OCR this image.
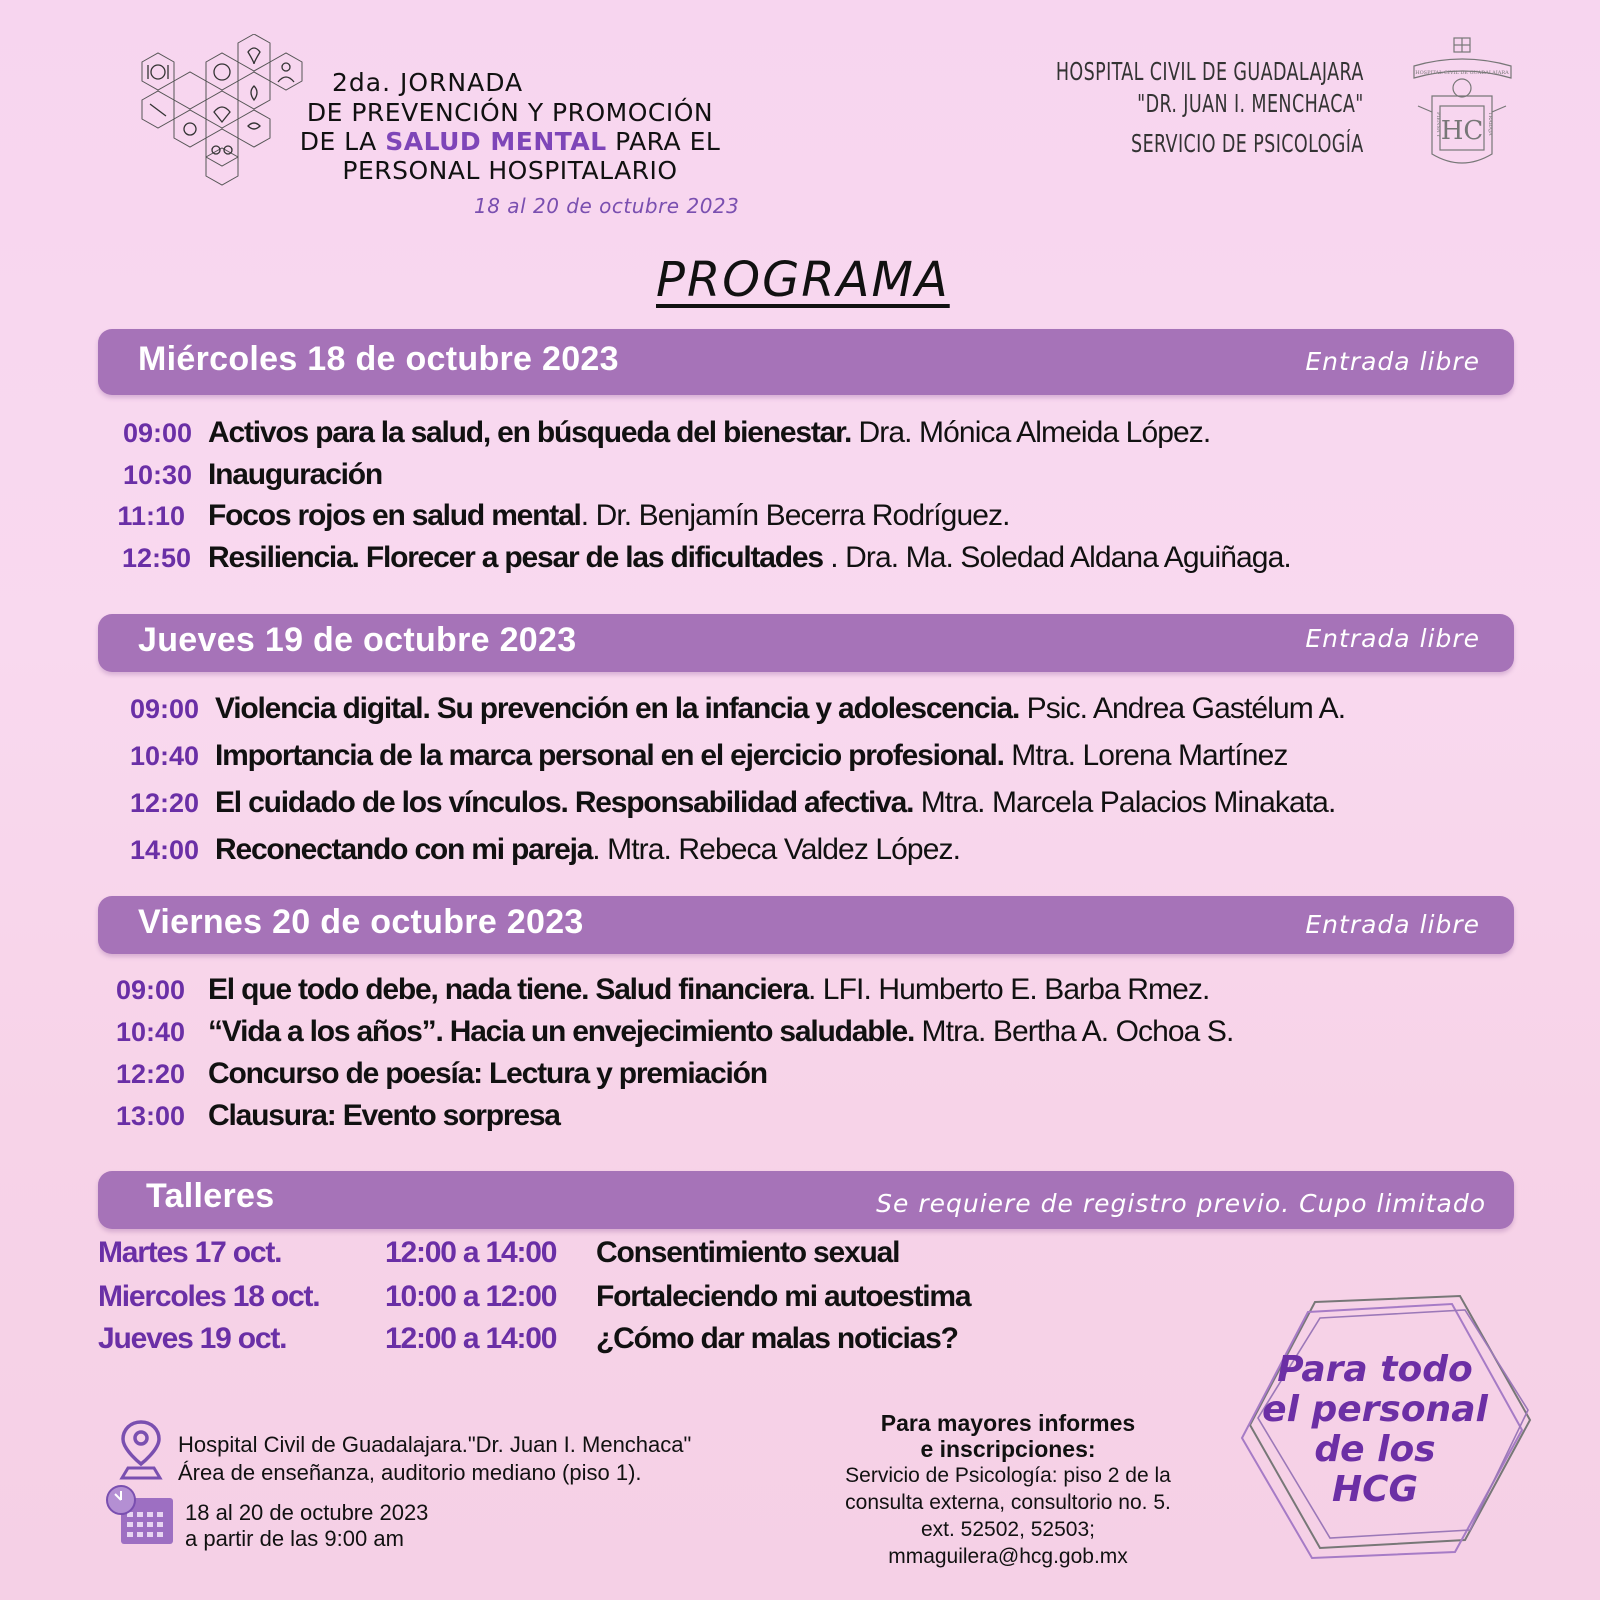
2da. JORNADA
DE PREVENCIÓN Y PROMOCIÓN
DE LA SALUD MENTAL PARA EL
PERSONAL HOSPITALARIO
18 al 20 de octubre 2023
HOSPITAL CIVIL DE GUADALAJARA
"DR. JUAN I. MENCHACA"
SERVICIO DE PSICOLOGÍA
HOSPITAL CIVIL DE GUADALAJARA
HC
PIENSA Y	TRABAJA
PROGRAMA
Miércoles 18 de octubre 2023	Entrada libre
09:00 Activos para la salud, en búsqueda del bienestar. Dra. Mónica Almeida López.
10:30 Inauguración
11:10 Focos rojos en salud mental. Dr. Benjamín Becerra Rodríguez.
12:50 Resiliencia. Florecer a pesar de las dificultades . Dra. Ma. Soledad Aldana Aguiñaga.
Jueves 19 de octubre 2023	Entrada libre
09:00 Violencia digital. Su prevención en la infancia y adolescencia. Psic. Andrea Gastélum A.
10:40 Importancia de la marca personal en el ejercicio profesional. Mtra. Lorena Martínez
12:20 El cuidado de los vínculos. Responsabilidad afectiva. Mtra. Marcela Palacios Minakata.
14:00 Reconectando con mi pareja. Mtra. Rebeca Valdez López.
Viernes 20 de octubre 2023	Entrada libre
09:00 El que todo debe, nada tiene. Salud financiera. LFI. Humberto E. Barba Rmez.
10:40 “Vida a los años”. Hacia un envejecimiento saludable. Mtra. Bertha A. Ochoa S.
12:20 Concurso de poesía: Lectura y premiación
13:00 Clausura: Evento sorpresa
Talleres	Se requiere de registro previo. Cupo limitado
Martes 17 oct.	12:00 a 14:00 Consentimiento sexual
Miercoles 18 oct. 10:00 a 12:00 Fortaleciendo mi autoestima
Jueves 19 oct.	12:00 a 14:00 ¿Cómo dar malas noticias?
Hospital Civil de Guadalajara."Dr. Juan I. Menchaca"
Área de enseñanza, auditorio mediano (piso 1).
18 al 20 de octubre 2023
a partir de las 9:00 am
Para mayores informes
e inscripciones:
Servicio de Psicología: piso 2 de la
consulta externa, consultorio no. 5.
ext. 52502, 52503;
mmaguilera@hcg.gob.mx
Para todo
el personal
de los
HCG
